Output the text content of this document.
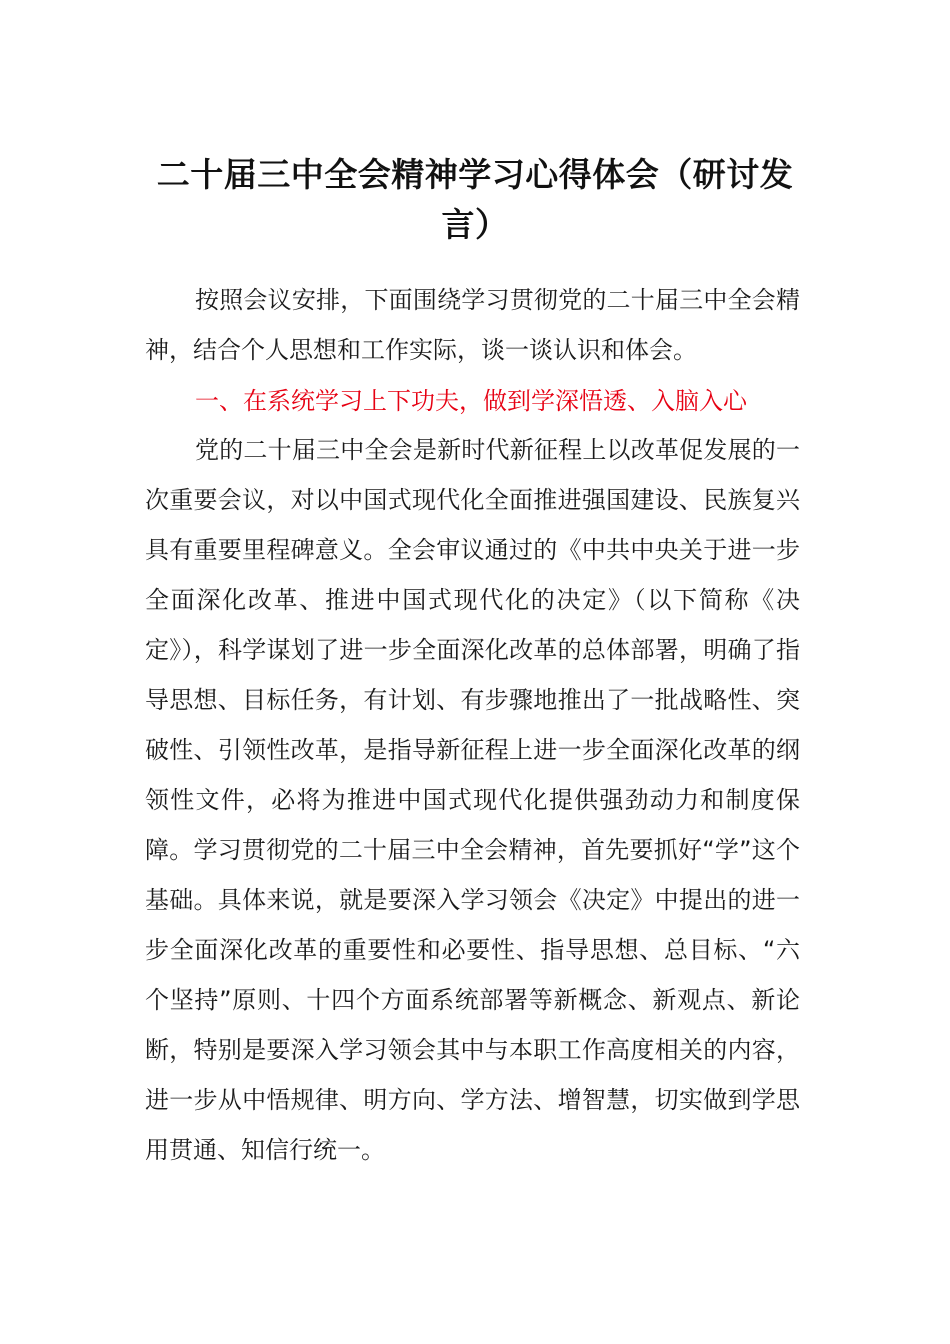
二十届三中全会精神学习心得体会（研讨发言）

按照会议安排，下面围绕学习贯彻党的二十届三中全会精神，结合个人思想和工作实际，谈一谈认识和体会。

一、在系统学习上下功夫，做到学深悟透、入脑入心

党的二十届三中全会是新时代新征程上以改革促发展的一次重要会议，对以中国式现代化全面推进强国建设、民族复兴具有重要里程碑意义。全会审议通过的《中共中央关于进一步全面深化改革、推进中国式现代化的决定》（以下简称《决定》），科学谋划了进一步全面深化改革的总体部署，明确了指导思想、目标任务，有计划、有步骤地推出了一批战略性、突破性、引领性改革，是指导新征程上进一步全面深化改革的纲领性文件，必将为推进中国式现代化提供强劲动力和制度保障。学习贯彻党的二十届三中全会精神，首先要抓好“学”这个基础。具体来说，就是要深入学习领会《决定》中提出的进一步全面深化改革的重要性和必要性、指导思想、总目标、“六个坚持”原则、十四个方面系统部署等新概念、新观点、新论断，特别是要深入学习领会其中与本职工作高度相关的内容，进一步从中悟规律、明方向、学方法、增智慧，切实做到学思用贯通、知信行统一。
